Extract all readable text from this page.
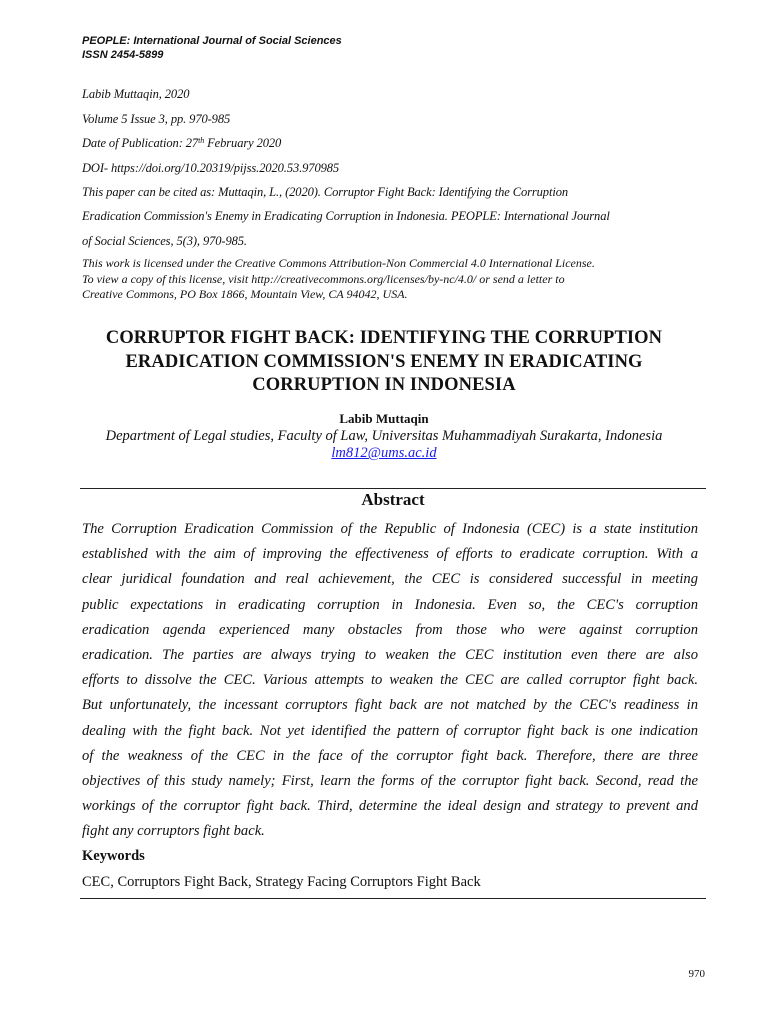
PEOPLE: International Journal of Social Sciences
ISSN 2454-5899
Labib Muttaqin, 2020
Volume 5 Issue 3, pp. 970-985
Date of Publication: 27th February 2020
DOI- https://doi.org/10.20319/pijss.2020.53.970985
This paper can be cited as: Muttaqin, L., (2020). Corruptor Fight Back: Identifying the Corruption
Eradication Commission's Enemy in Eradicating Corruption in Indonesia. PEOPLE: International Journal
of Social Sciences, 5(3), 970-985.
This work is licensed under the Creative Commons Attribution-Non Commercial 4.0 International License.
To view a copy of this license, visit http://creativecommons.org/licenses/by-nc/4.0/ or send a letter to
Creative Commons, PO Box 1866, Mountain View, CA 94042, USA.
CORRUPTOR FIGHT BACK: IDENTIFYING THE CORRUPTION
ERADICATION COMMISSION'S ENEMY IN ERADICATING
CORRUPTION IN INDONESIA
Labib Muttaqin
Department of Legal studies, Faculty of Law, Universitas Muhammadiyah Surakarta, Indonesia
lm812@ums.ac.id
Abstract
The Corruption Eradication Commission of the Republic of Indonesia (CEC) is a state institution
established with the aim of improving the effectiveness of efforts to eradicate corruption. With a
clear juridical foundation and real achievement, the CEC is considered successful in meeting
public expectations in eradicating corruption in Indonesia. Even so, the CEC's corruption
eradication agenda experienced many obstacles from those who were against corruption
eradication. The parties are always trying to weaken the CEC institution even there are also
efforts to dissolve the CEC. Various attempts to weaken the CEC are called corruptor fight back.
But unfortunately, the incessant corruptors fight back are not matched by the CEC's readiness in
dealing with the fight back. Not yet identified the pattern of corruptor fight back is one indication
of the weakness of the CEC in the face of the corruptor fight back. Therefore, there are three
objectives of this study namely; First, learn the forms of the corruptor fight back. Second, read the
workings of the corruptor fight back. Third, determine the ideal design and strategy to prevent and
fight any corruptors fight back.
Keywords
CEC, Corruptors Fight Back, Strategy Facing Corruptors Fight Back
970
